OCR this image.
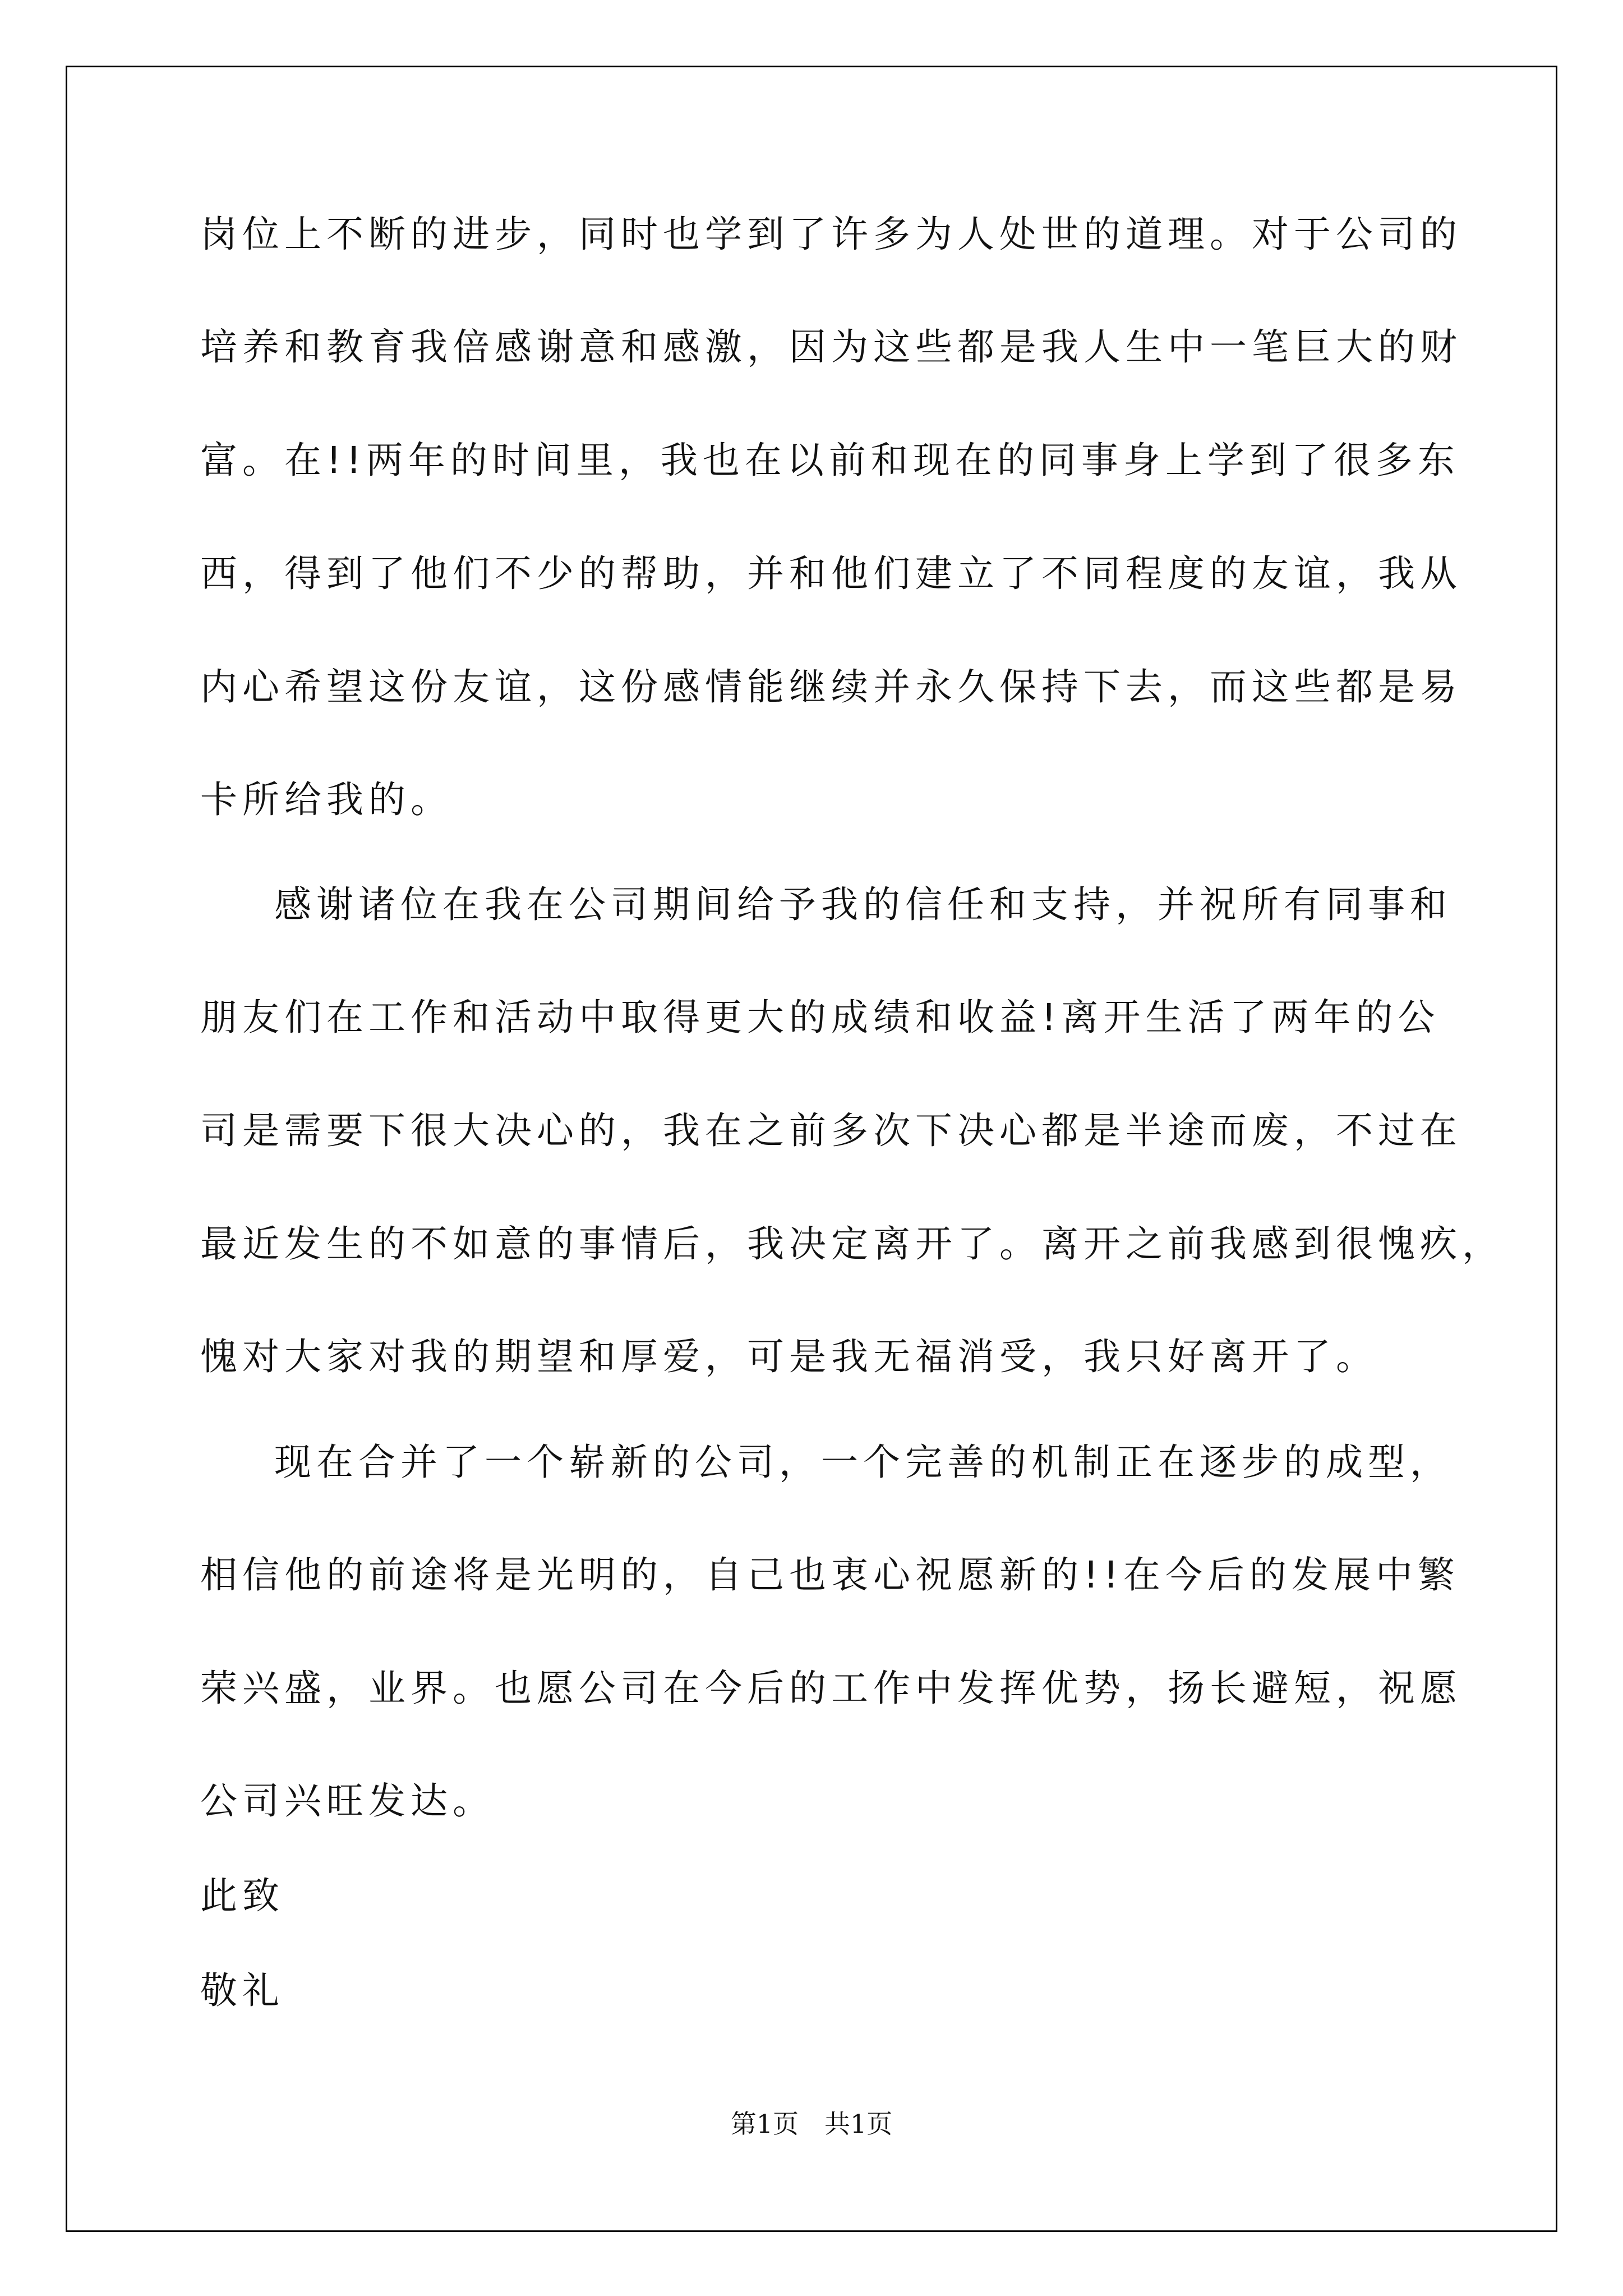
岗位上不断的进步，同时也学到了许多为人处世的道理。对于公司的
培养和教育我倍感谢意和感激，因为这些都是我人生中一笔巨大的财
富。在!!两年的时间里，我也在以前和现在的同事身上学到了很多东
西，得到了他们不少的帮助，并和他们建立了不同程度的友谊，我从
内心希望这份友谊，这份感情能继续并永久保持下去，而这些都是易
卡所给我的。
感谢诸位在我在公司期间给予我的信任和支持，并祝所有同事和
朋友们在工作和活动中取得更大的成绩和收益!离开生活了两年的公
司是需要下很大决心的，我在之前多次下决心都是半途而废，不过在
最近发生的不如意的事情后，我决定离开了。离开之前我感到很愧疚，
愧对大家对我的期望和厚爱，可是我无福消受，我只好离开了。
现在合并了一个崭新的公司，一个完善的机制正在逐步的成型，
相信他的前途将是光明的，自己也衷心祝愿新的!!在今后的发展中繁
荣兴盛，业界。也愿公司在今后的工作中发挥优势，扬长避短，祝愿
公司兴旺发达。
此致
敬礼
第1页　共1页
